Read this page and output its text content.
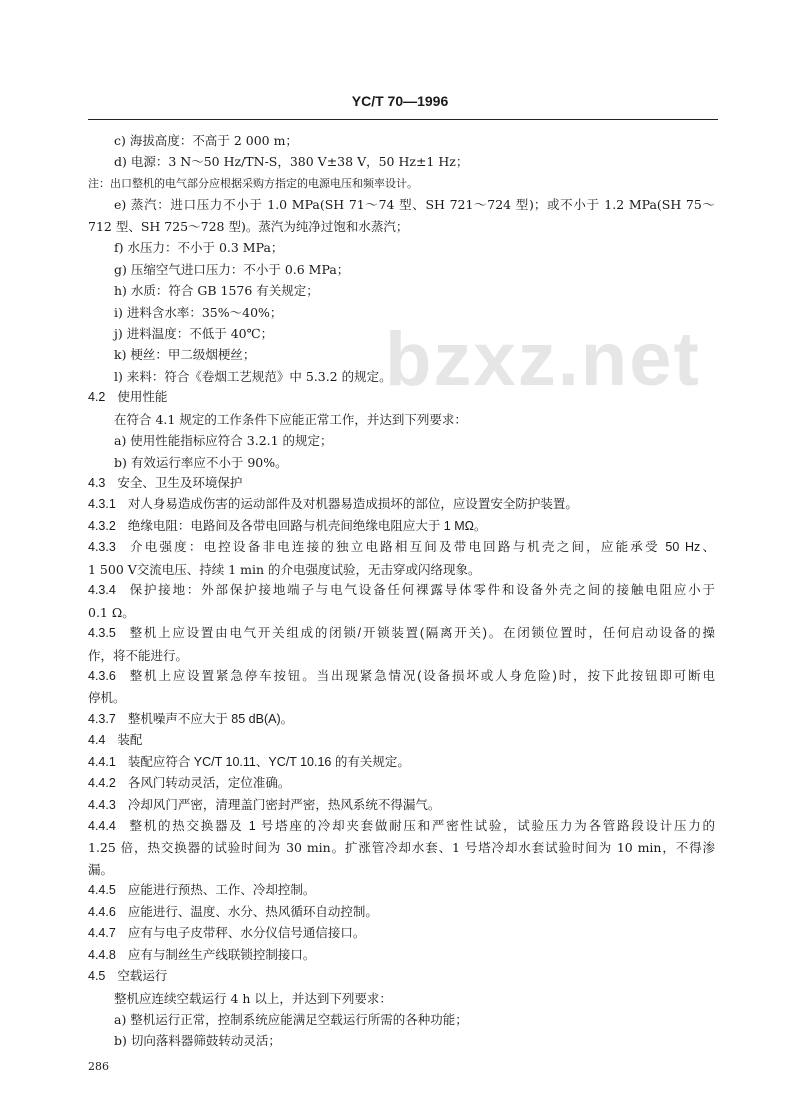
YC/T 70—1996
bzxz.net
c) 海拔高度：不高于 2 000 m；
d) 电源：3 N～50 Hz/TN-S，380 V±38 V，50 Hz±1 Hz；
注：出口整机的电气部分应根据采购方指定的电源电压和频率设计。
e) 蒸汽：进口压力不小于 1.0 MPa(SH 71～74 型、SH 721～724 型)；或不小于 1.2 MPa(SH 75～
712 型、SH 725～728 型)。蒸汽为纯净过饱和水蒸汽；
f) 水压力：不小于 0.3 MPa；
g) 压缩空气进口压力：不小于 0.6 MPa；
h) 水质：符合 GB 1576 有关规定；
i) 进料含水率：35%～40%；
j) 进料温度：不低于 40℃；
k) 梗丝：甲二级烟梗丝；
l) 来料：符合《卷烟工艺规范》中 5.3.2 的规定。
4.2 使用性能
在符合 4.1 规定的工作条件下应能正常工作，并达到下列要求：
a) 使用性能指标应符合 3.2.1 的规定；
b) 有效运行率应不小于 90%。
4.3 安全、卫生及环境保护
4.3.1 对人身易造成伤害的运动部件及对机器易造成损坏的部位，应设置安全防护装置。
4.3.2 绝缘电阻：电路间及各带电回路与机壳间绝缘电阻应大于 1 MΩ。
4.3.3 介电强度：电控设备非电连接的独立电路相互间及带电回路与机壳之间，应能承受 50 Hz、
1 500 V交流电压、持续 1 min 的介电强度试验，无击穿或闪络现象。
4.3.4 保护接地：外部保护接地端子与电气设备任何裸露导体零件和设备外壳之间的接触电阻应小于
0.1 Ω。
4.3.5 整机上应设置由电气开关组成的闭锁/开锁装置(隔离开关)。在闭锁位置时，任何启动设备的操
作，将不能进行。
4.3.6 整机上应设置紧急停车按钮。当出现紧急情况(设备损坏或人身危险)时，按下此按钮即可断电
停机。
4.3.7 整机噪声不应大于 85 dB(A)。
4.4 装配
4.4.1 装配应符合 YC/T 10.11、YC/T 10.16 的有关规定。
4.4.2 各风门转动灵活，定位准确。
4.4.3 冷却风门严密，清理盖门密封严密，热风系统不得漏气。
4.4.4 整机的热交换器及 1 号塔座的冷却夹套做耐压和严密性试验，试验压力为各管路段设计压力的
1.25 倍，热交换器的试验时间为 30 min。扩涨管冷却水套、1 号塔冷却水套试验时间为 10 min，不得渗
漏。
4.4.5 应能进行预热、工作、冷却控制。
4.4.6 应能进行、温度、水分、热风循环自动控制。
4.4.7 应有与电子皮带秤、水分仪信号通信接口。
4.4.8 应有与制丝生产线联锁控制接口。
4.5 空载运行
整机应连续空载运行 4 h 以上，并达到下列要求：
a) 整机运行正常，控制系统应能满足空载运行所需的各种功能；
b) 切向落料器筛鼓转动灵活；
286
